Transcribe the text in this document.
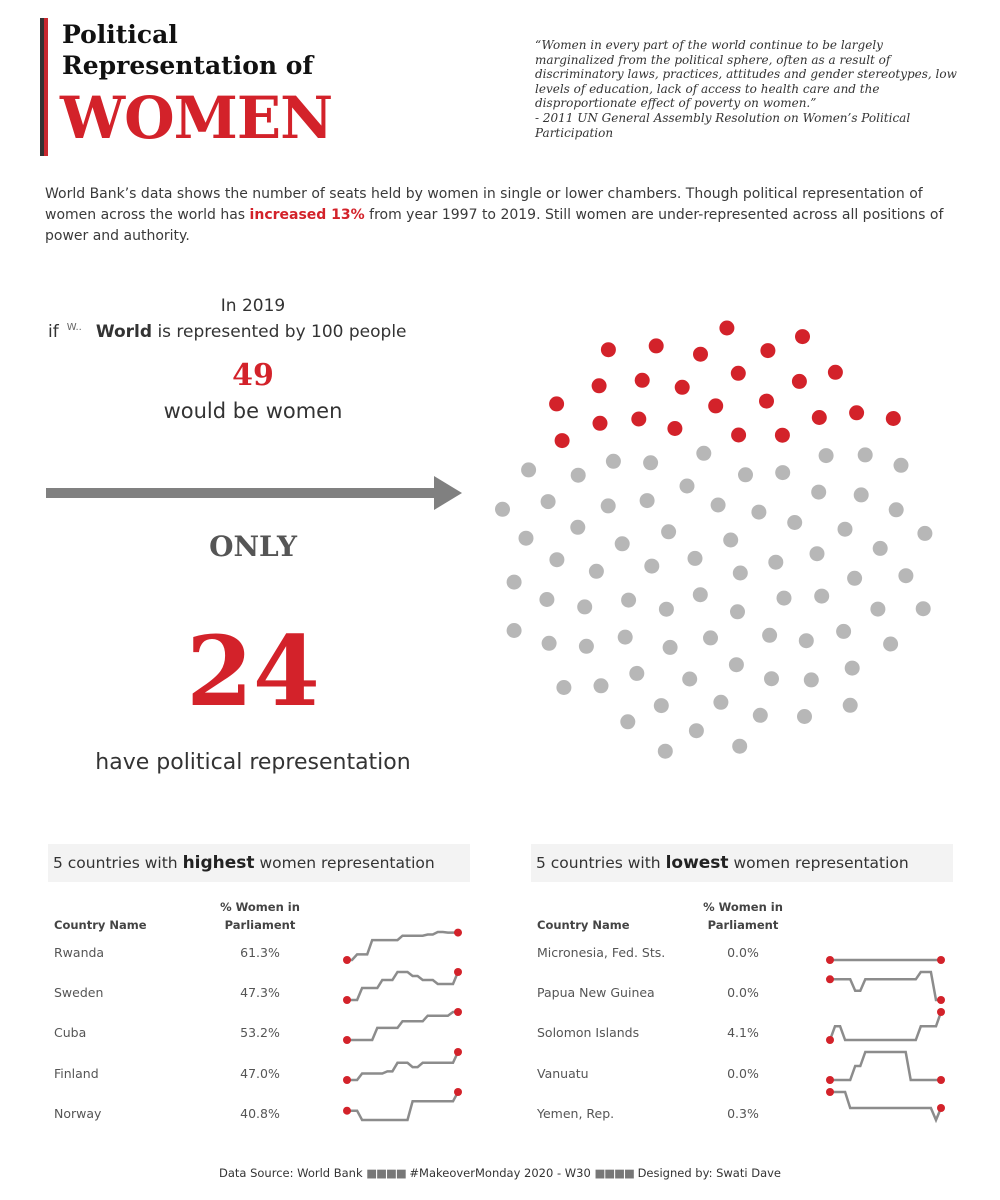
Political
Representation of
WOMEN
“Women in every part of the world continue to be largely marginalized from the political sphere, often as a result of discriminatory laws, practices, attitudes and gender stereotypes, low levels of education, lack of access to health care and the disproportionate effect of poverty on women.”
- 2011 UN General Assembly Resolution on Women’s Political Participation
World Bank’s data shows the number of seats held by women in single or lower chambers. Though political representation of women across the world has increased 13% from year 1997 to 2019. Still women are under-represented across all positions of power and authority.
In 2019
if W.. World is represented by 100 people
49
would be women
ONLY
24
have political representation
5 countries with highest women representation
% Women in
Parliament
Country Name
Rwanda	61.3%
Sweden	47.3%
Cuba	53.2%
Finland	47.0%
Norway	40.8%
5 countries with lowest women representation
% Women in
Parliament
Country Name
Micronesia, Fed. Sts.	0.0%
Papua New Guinea	0.0%
Solomon Islands	4.1%
Vanuatu	0.0%
Yemen, Rep.	0.3%
Data Source: World Bank ■■■■ #MakeoverMonday 2020 - W30 ■■■■ Designed by: Swati Dave
